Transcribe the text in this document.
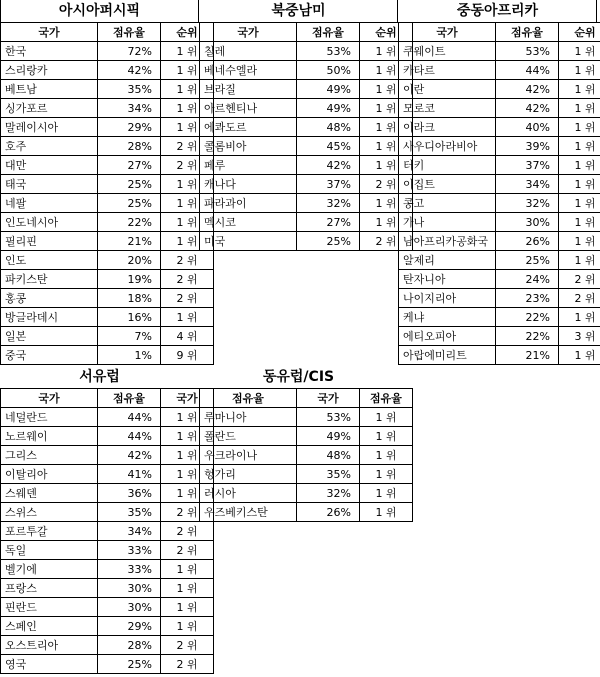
아시아퍼시픽
국가	점유율	순위
한국	72%	1 위
스리랑카	42%	1 위
베트남	35%	1 위
싱가포르	34%	1 위
말레이시아	29%	1 위
호주	28%	2 위
대만	27%	2 위
태국	25%	1 위
네팔	25%	1 위
인도네시아	22%	1 위
필리핀	21%	1 위
인도	20%	2 위
파키스탄	19%	2 위
홍콩	18%	2 위
방글라데시	16%	1 위
일본	7%	4 위
중국	1%	9 위
북중남미
국가	점유율	순위
칠레	53%	1 위
베네수엘라	50%	1 위
브라질	49%	1 위
아르헨티나	49%	1 위
에콰도르	48%	1 위
콜롬비아	45%	1 위
페루	42%	1 위
캐나다	37%	2 위
파라과이	32%	1 위
멕시코	27%	1 위
미국	25%	2 위
중동아프리카
국가	점유율	순위
쿠웨이트	53%	1 위
카타르	44%	1 위
이란	42%	1 위
모로코	42%	1 위
이라크	40%	1 위
사우디아라비아	39%	1 위
터키	37%	1 위
이집트	34%	1 위
콩고	32%	1 위
가나	30%	1 위
남아프리카공화국	26%	1 위
알제리	25%	1 위
탄자니아	24%	2 위
나이지리아	23%	2 위
케냐	22%	1 위
에티오피아	22%	3 위
아랍에미리트	21%	1 위
서유럽
국가	점유율	국가
네덜란드	44%	1 위
노르웨이	44%	1 위
그리스	42%	1 위
이탈리아	41%	1 위
스웨덴	36%	1 위
스위스	35%	2 위
포르투갈	34%	2 위
독일	33%	2 위
벨기에	33%	1 위
프랑스	30%	1 위
핀란드	30%	1 위
스페인	29%	1 위
오스트리아	28%	2 위
영국	25%	2 위
동유럽/CIS
점유율	국가	점유율
루마니아	53%	1 위
폴란드	49%	1 위
우크라이나	48%	1 위
헝가리	35%	1 위
러시아	32%	1 위
우즈베키스탄	26%	1 위
